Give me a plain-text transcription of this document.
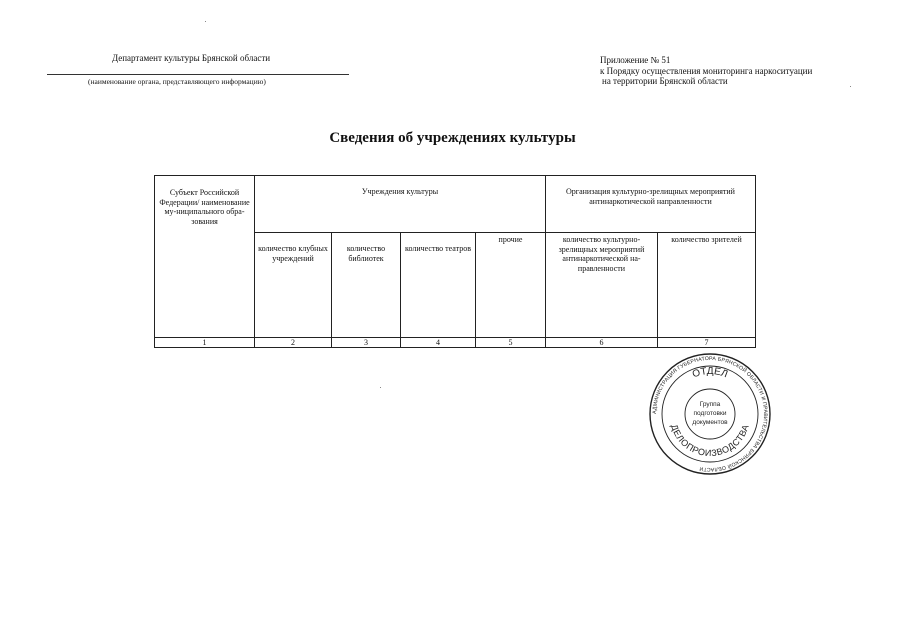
Департамент культуры Брянской области
(наименование органа, представляющего информацию)
Приложение № 51
к Порядку осуществления мониторинга наркоситуации
на территории Брянской области
Сведения об учреждениях культуры
Субъект Российской Федерации/ наименование му-ниципального обра-зования	Учреждения культуры				Организация культурно-зрелищных мероприятий антинаркотической направленности	
	количество клубных учреждений	количество библиотек	количество театров	прочие	количество культурно-зрелищных мероприятий антинаркотической на-правленности	количество зрителей
1	2	3	4	5	6	7
АДМИНИСТРАЦИЯ ГУБЕРНАТОРА БРЯНСКОЙ ОБЛАСТИ И ПРАВИТЕЛЬСТВА БРЯНСКОЙ ОБЛАСТИ
ОТДЕЛ
ДЕЛОПРОИЗВОДСТВА
Группа
подготовки
документов
